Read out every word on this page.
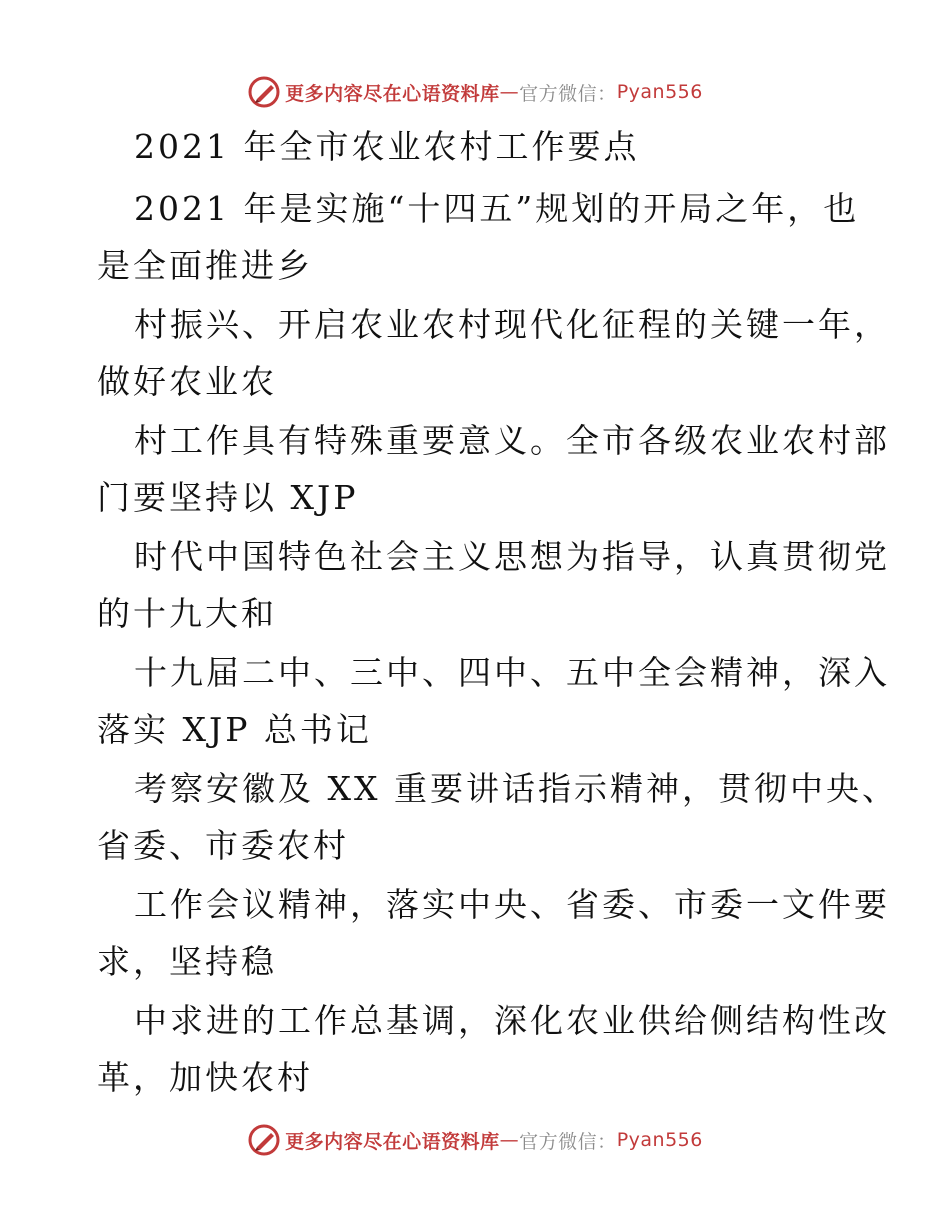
更多内容尽在心语资料库 — 官方微信： Pyan556
2021 年全市农业农村工作要点
2021 年是实施“十四五”规划的开局之年，也
是全面推进乡
村振兴、开启农业农村现代化征程的关键一年，
做好农业农
村工作具有特殊重要意义。全市各级农业农村部
门要坚持以 XJP
时代中国特色社会主义思想为指导，认真贯彻党
的十九大和
十九届二中、三中、四中、五中全会精神，深入
落实 XJP 总书记
考察安徽及 XX 重要讲话指示精神，贯彻中央、
省委、市委农村
工作会议精神，落实中央、省委、市委一文件要
求，坚持稳
中求进的工作总基调，深化农业供给侧结构性改
革，加快农村
更多内容尽在心语资料库 — 官方微信： Pyan556
